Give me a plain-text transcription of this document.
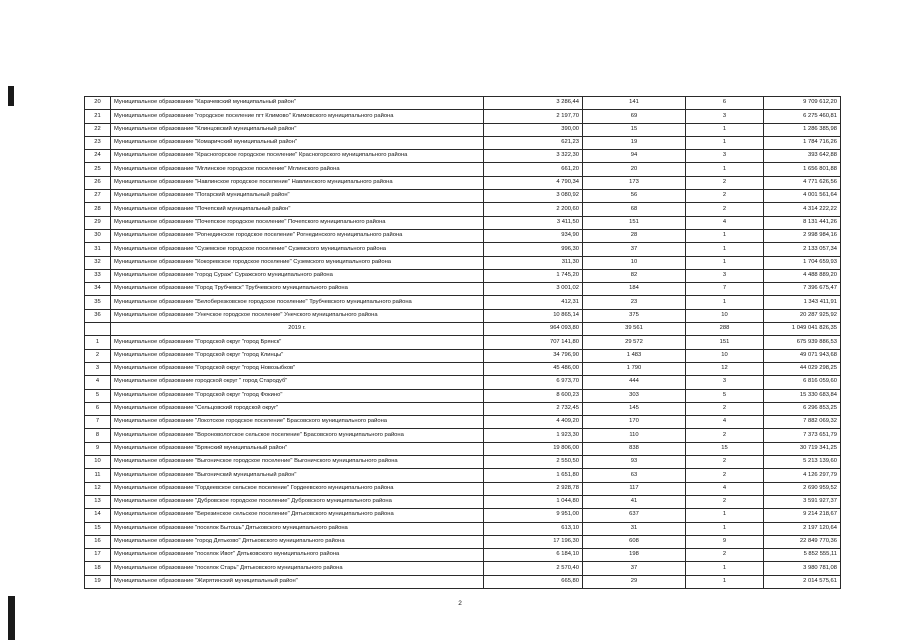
20	Муниципальное образование "Карачевский муниципальный район"	3 286,44	141	6	9 709 612,20
21	Муниципальное образование "городское поселение пгт Климово" Климовского муниципального района	2 197,70	69	3	6 275 460,81
22	Муниципальное образование "Клинцовский муниципальный район"	390,00	15	1	1 286 385,98
23	Муниципальное образование "Комаричский муниципальный район"	621,23	19	1	1 784 716,26
24	Муниципальное образование "Красногорское городское поселение" Красногорского муниципального района	3 322,30	94	3	393 642,88
25	Муниципальное образование "Мглинское городское поселение" Мглинского района	661,20	20	1	1 656 801,88
26	Муниципальное образование "Навлинское городское поселение" Навлинского муниципального района	4 790,34	173	2	4 771 626,56
27	Муниципальное образование "Погарский муниципальный район"	3 080,92	56	2	4 001 561,64
28	Муниципальное образование "Почепский муниципальный район"	2 200,60	68	2	4 314 222,22
29	Муниципальное образование "Почепское городское поселение" Почепского муниципального района	3 411,50	151	4	8 131 441,26
30	Муниципальное образование "Рогнединское городское поселение" Рогнединского муниципального района	934,90	28	1	2 998 984,16
31	Муниципальное образование "Суземское городское поселение" Суземского муниципального района	996,30	37	1	2 133 057,34
32	Муниципальное образование "Кокоревское городское поселение" Суземского муниципального района	311,30	10	1	1 704 659,93
33	Муниципальное образование "город Сураж" Суражского муниципального района	1 745,20	82	3	4 488 889,20
34	Муниципальное образование "Город Трубчевск" Трубчевского муниципального района	3 001,02	184	7	7 396 675,47
35	Муниципальное образование "Белоберезковское городское поселение" Трубчевского муниципального района	412,31	23	1	1 343 411,91
36	Муниципальное образование "Унечское городское поселение" Унечского муниципального района	10 865,14	375	10	20 287 925,92
	2019 г.	964 093,80	39 561	288	1 049 041 826,35
1	Муниципальное образование "Городской округ "город Брянск"	707 141,80	29 572	151	675 939 886,53
2	Муниципальное образование "Городской округ "город Клинцы"	34 796,90	1 483	10	49 071 943,68
3	Муниципальное образование "Городской округ "город Новозыбков"	45 486,00	1 790	12	44 029 298,25
4	Муниципальное образование городской округ " город Стародуб"	6 973,70	444	3	6 816 059,60
5	Муниципальное образование "Городской округ "город Фокино"	8 600,23	303	5	15 330 683,84
6	Муниципальное образование "Сельцовский городской округ"	2 732,45	145	2	6 296 853,25
7	Муниципальное образование "Локотское городское поселение" Брасовского муниципального района	4 409,20	170	4	7 882 069,32
8	Муниципальное образование "Вороновологское сельское поселение" Брасовского муниципального района	1 923,30	110	2	7 373 651,79
9	Муниципальное образование "Брянский муниципальный район"	19 806,00	838	15	30 719 341,25
10	Муниципальное образование "Выгоничское городское поселение" Выгоничского муниципального района	2 550,50	93	2	5 213 139,60
11	Муниципальное образование "Выгоничский муниципальный район"	1 651,80	63	2	4 126 297,79
12	Муниципальное образование "Гордеевское сельское поселение" Гордеевского муниципального района	2 928,78	117	4	2 690 959,52
13	Муниципальное образование "Дубровское городское поселение" Дубровского муниципального района	1 044,80	41	2	3 591 927,37
14	Муниципальное образование "Березинское сельское поселение" Дятьковского муниципального района	9 951,00	637	1	9 214 218,67
15	Муниципальное образование "поселок Бытошь" Дятьковского муниципального района	613,10	31	1	2 197 120,64
16	Муниципальное образование "город Дятьково" Дятьковского муниципального района	17 196,30	608	9	22 849 770,36
17	Муниципальное образование "поселок Ивот" Дятьковского муниципального района	6 184,10	198	2	5 852 555,11
18	Муниципальное образование "поселок Старь" Дятьковского муниципального района	2 570,40	37	1	3 980 781,08
19	Муниципальное образование "Жирятинский муниципальный район"	665,80	29	1	2 014 575,61
2
